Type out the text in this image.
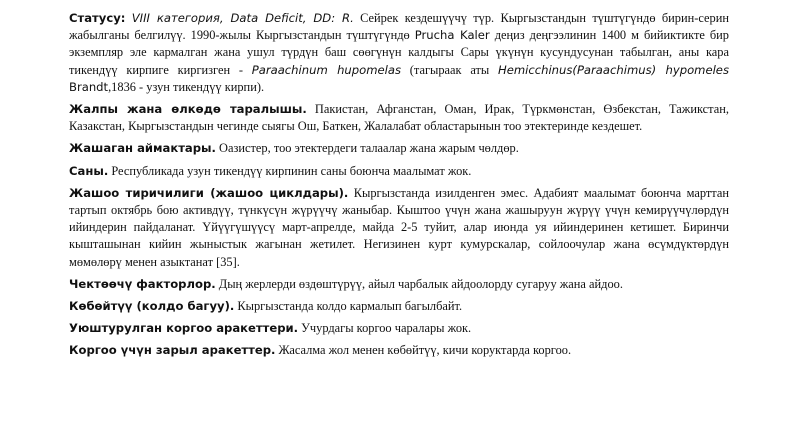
Статусу: VIII категория, Data Deficit, DD: R. Сейрек кездешүүчү түр. Кыргызстандын түштүгүндө бирин-серин жабылганы белгилүү. 1990-жылы Кыргызстандын түштүгүндө Prucha Kaler деңиз деңгээлинин 1400 м бийиктикте бир экземпляр эле кармалган жана ушул түрдүн баш сөөгүнүн калдыгы Сары үкүнүн кусундусунан табылган, аны кара тикендүү кирпиге киргизген - Paraachinum hupomelas (тагыраак аты Hemicchinus(Paraachimus) hypomeles Brandt,1836 - узун тикендүү кирпи).

Жалпы жана өлкөдө таралышы. Пакистан, Афганстан, Оман, Ирак, Түркмөнстан, Өзбекстан, Тажикстан, Казакстан, Кыргызстандын чегинде сыягы Ош, Баткен, Жалалабат областарынын тоо этектеринде кездешет.

Жашаган аймактары. Оазистер, тоо этектердеги талаалар жана жарым чөлдөр.

Саны. Республикада узун тикендүү кирпинин саны боюнча маалымат жок.

Жашоо тиричилиги (жашоо циклдары). Кыргызстанда изилденген эмес. Адабият маалымат боюнча марттан тартып октябрь бою активдүү, түнкүсүн жүрүүчү жаныбар. Кыштоо үчүн жана жашыруун жүрүү үчүн кемирүүчүлөрдүн ийиндерин пайдаланат. Үйүүгүшүүсү март-апрелде, майда 2-5 туйит, алар июнда уя ийиндеринен кетишет. Биринчи кышташынан кийин жыныстык жагынан жетилет. Негизинен курт кумурскалар, сойлоочулар жана өсүмдүктөрдүн мөмөлөрү менен азыктанат [35].

Чектөөчү факторлор. Дың жерлерди өздөштүрүү, айыл чарбалык айдоолорду сугаруу жана айдоо.

Көбөйтүү (колдо багуу). Кыргызстанда колдо кармалып багылбайт.

Уюштурулган коргоо аракеттери. Учурдагы коргоо чаралары жок.

Коргоо үчүн зарыл аракеттер. Жасалма жол менен көбөйтүү, кичи коруктарда коргоо.
